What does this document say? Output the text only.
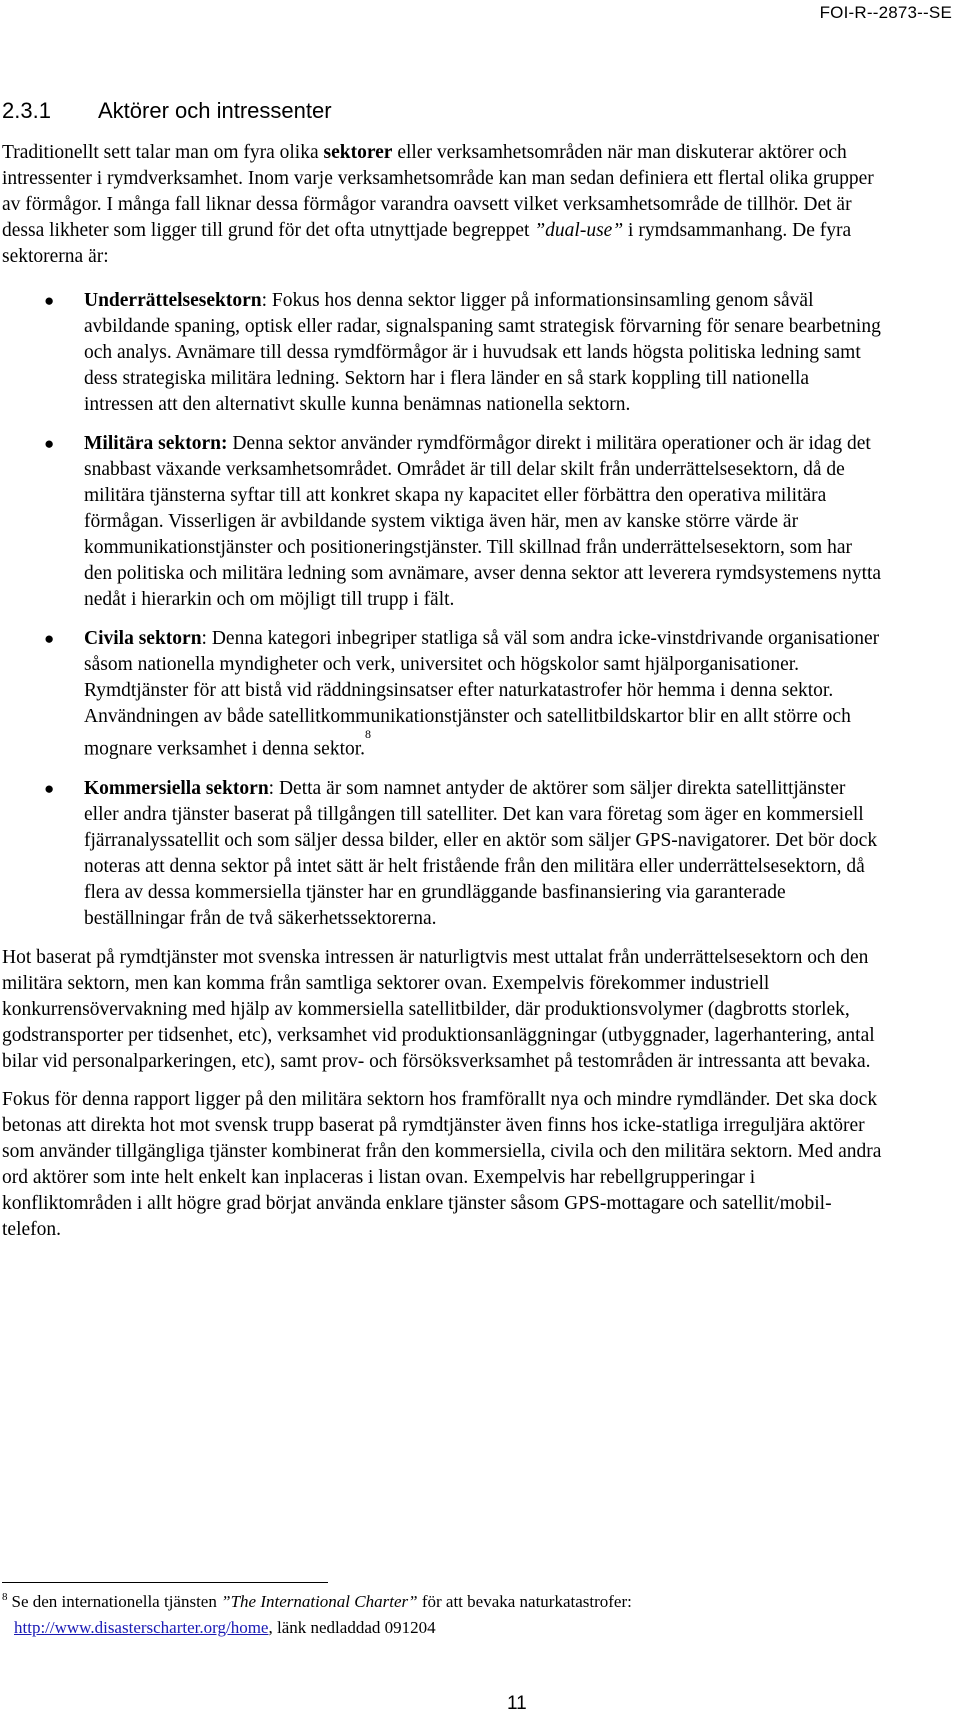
FOI-R--2873--SE
2.3.1 Aktörer och intressenter

Traditionellt sett talar man om fyra olika sektorer eller verksamhetsområden när man diskuterar aktörer och intressenter i rymdverksamhet. Inom varje verksamhetsområde kan man sedan definiera ett flertal olika grupper av förmågor. I många fall liknar dessa förmågor varandra oavsett vilket verksamhetsområde de tillhör. Det är dessa likheter som ligger till grund för det ofta utnyttjade begreppet ”dual-use” i rymdsammanhang. De fyra sektorerna är:

● Underrättelsesektorn: Fokus hos denna sektor ligger på informationsinsamling genom såväl avbildande spaning, optisk eller radar, signalspaning samt strategisk förvarning för senare bearbetning och analys. Avnämare till dessa rymdförmågor är i huvudsak ett lands högsta politiska ledning samt dess strategiska militära ledning. Sektorn har i flera länder en så stark koppling till nationella intressen att den alternativt skulle kunna benämnas nationella sektorn.
● Militära sektorn: Denna sektor använder rymdförmågor direkt i militära operationer och är idag det snabbast växande verksamhetsområdet. Området är till delar skilt från underrättelsesektorn, då de militära tjänsterna syftar till att konkret skapa ny kapacitet eller förbättra den operativa militära förmågan. Visserligen är avbildande system viktiga även här, men av kanske större värde är kommunikationstjänster och positioneringstjänster. Till skillnad från underrättelsesektorn, som har den politiska och militära ledning som avnämare, avser denna sektor att leverera rymdsystemens nytta nedåt i hierarkin och om möjligt till trupp i fält.
● Civila sektorn: Denna kategori inbegriper statliga så väl som andra icke-vinstdrivande organisationer såsom nationella myndigheter och verk, universitet och högskolor samt hjälporganisationer. Rymdtjänster för att bistå vid räddningsinsatser efter naturkatastrofer hör hemma i denna sektor. Användningen av både satellitkommunikationstjänster och satellitbildskartor blir en allt större och mognare verksamhet i denna sektor.$^8$
● Kommersiella sektorn: Detta är som namnet antyder de aktörer som säljer direkta satellittjänster eller andra tjänster baserat på tillgången till satelliter. Det kan vara företag som äger en kommersiell fjärranalyssatellit och som säljer dessa bilder, eller en aktör som säljer GPS-navigatorer. Det bör dock noteras att denna sektor på intet sätt är helt fristående från den militära eller underrättelsesektorn, då flera av dessa kommersiella tjänster har en grundläggande basfinansiering via garanterade beställningar från de två säkerhetssektorerna.

Hot baserat på rymdtjänster mot svenska intressen är naturligtvis mest uttalat från underrättelsesektorn och den militära sektorn, men kan komma från samtliga sektorer ovan. Exempelvis förekommer industriell konkurrensövervakning med hjälp av kommersiella satellitbilder, där produktionsvolymer (dagbrotts storlek, godstransporter per tidsenhet, etc), verksamhet vid produktionsanläggningar (utbyggnader, lagerhantering, antal bilar vid personalparkeringen, etc), samt prov- och försöksverksamhet på testområden är intressanta att bevaka.

Fokus för denna rapport ligger på den militära sektorn hos framförallt nya och mindre rymdländer. Det ska dock betonas att direkta hot mot svensk trupp baserat på rymdtjänster även finns hos icke-statliga irreguljära aktörer som använder tillgängliga tjänster kombinerat från den kommersiella, civila och den militära sektorn. Med andra ord aktörer som inte helt enkelt kan inplaceras i listan ovan. Exempelvis har rebellgrupperingar i konfliktområden i allt högre grad börjat använda enklare tjänster såsom GPS-mottagare och satellit/mobil-telefon.

$^8$ Se den internationella tjänsten ”The International Charter” för att bevaka naturkatastrofer:
http://www.disasterscharter.org/home, länk nedladdad 091204
11
